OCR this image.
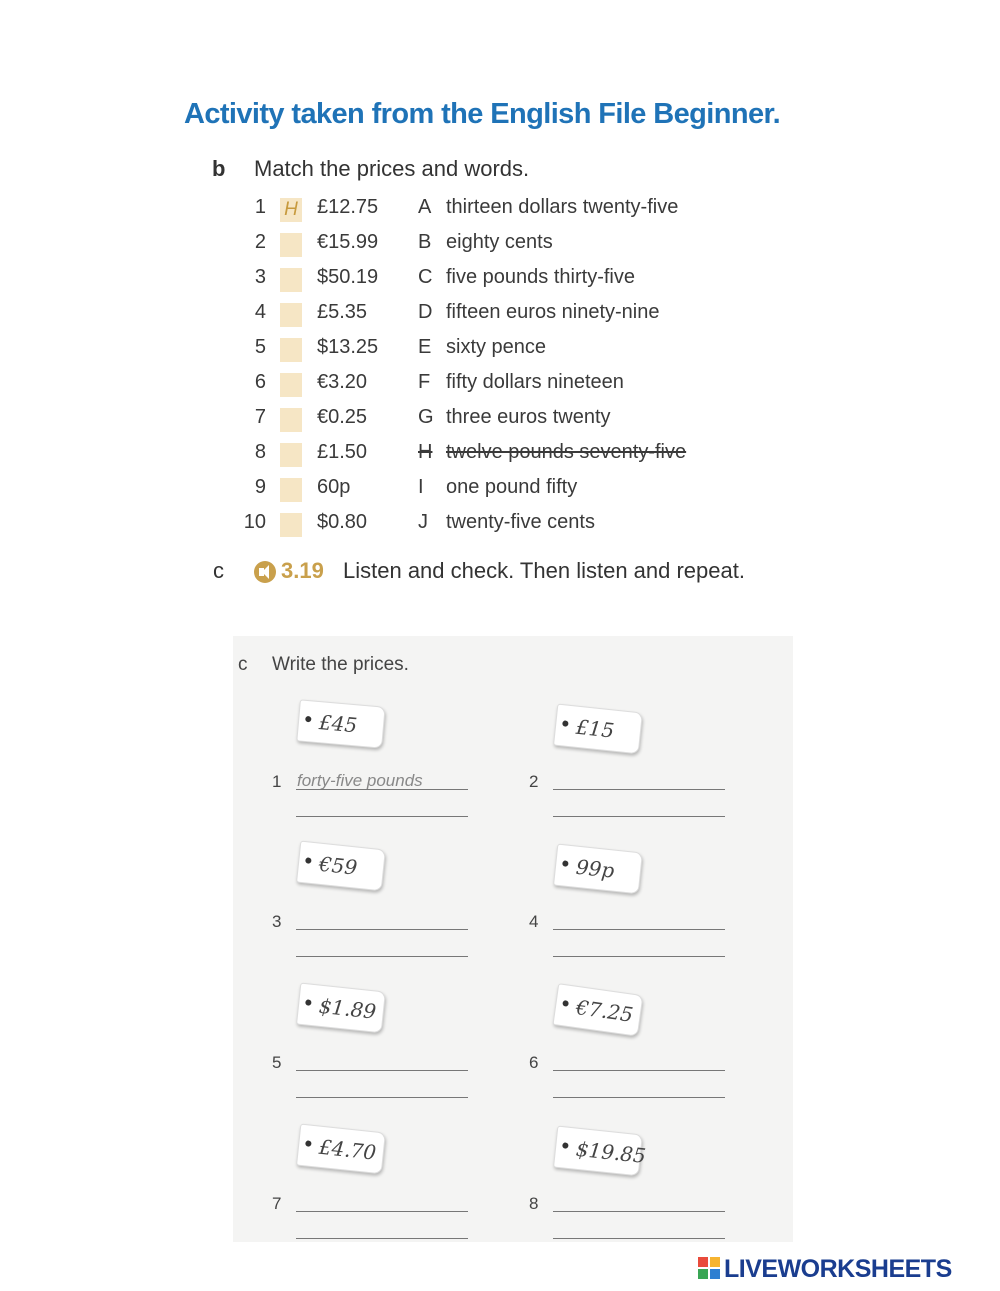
Activity taken from the English File Beginner.
b Match the prices and words.
1 H £12.75 A thirteen dollars twenty-five
2	€15.99 B eighty cents
3	$50.19 C five pounds thirty-five
4	£5.35	D fifteen euros ninety-nine
5	$13.25 E sixty pence
6	€3.20	F fifty dollars nineteen
7	€0.25	G three euros twenty
8	£1.50	H twelve pounds seventy-five
9	60p	I one pound fifty
10	$0.80	J twenty-five cents
c	3.19 Listen and check. Then listen and repeat.
c Write the prices.
£45
1 forty-five pounds
£15
2
€59
3
99p
4
$1.89
5
€7.25
6
£4.70
7
$19.85
8
LIVEWORKSHEETS
